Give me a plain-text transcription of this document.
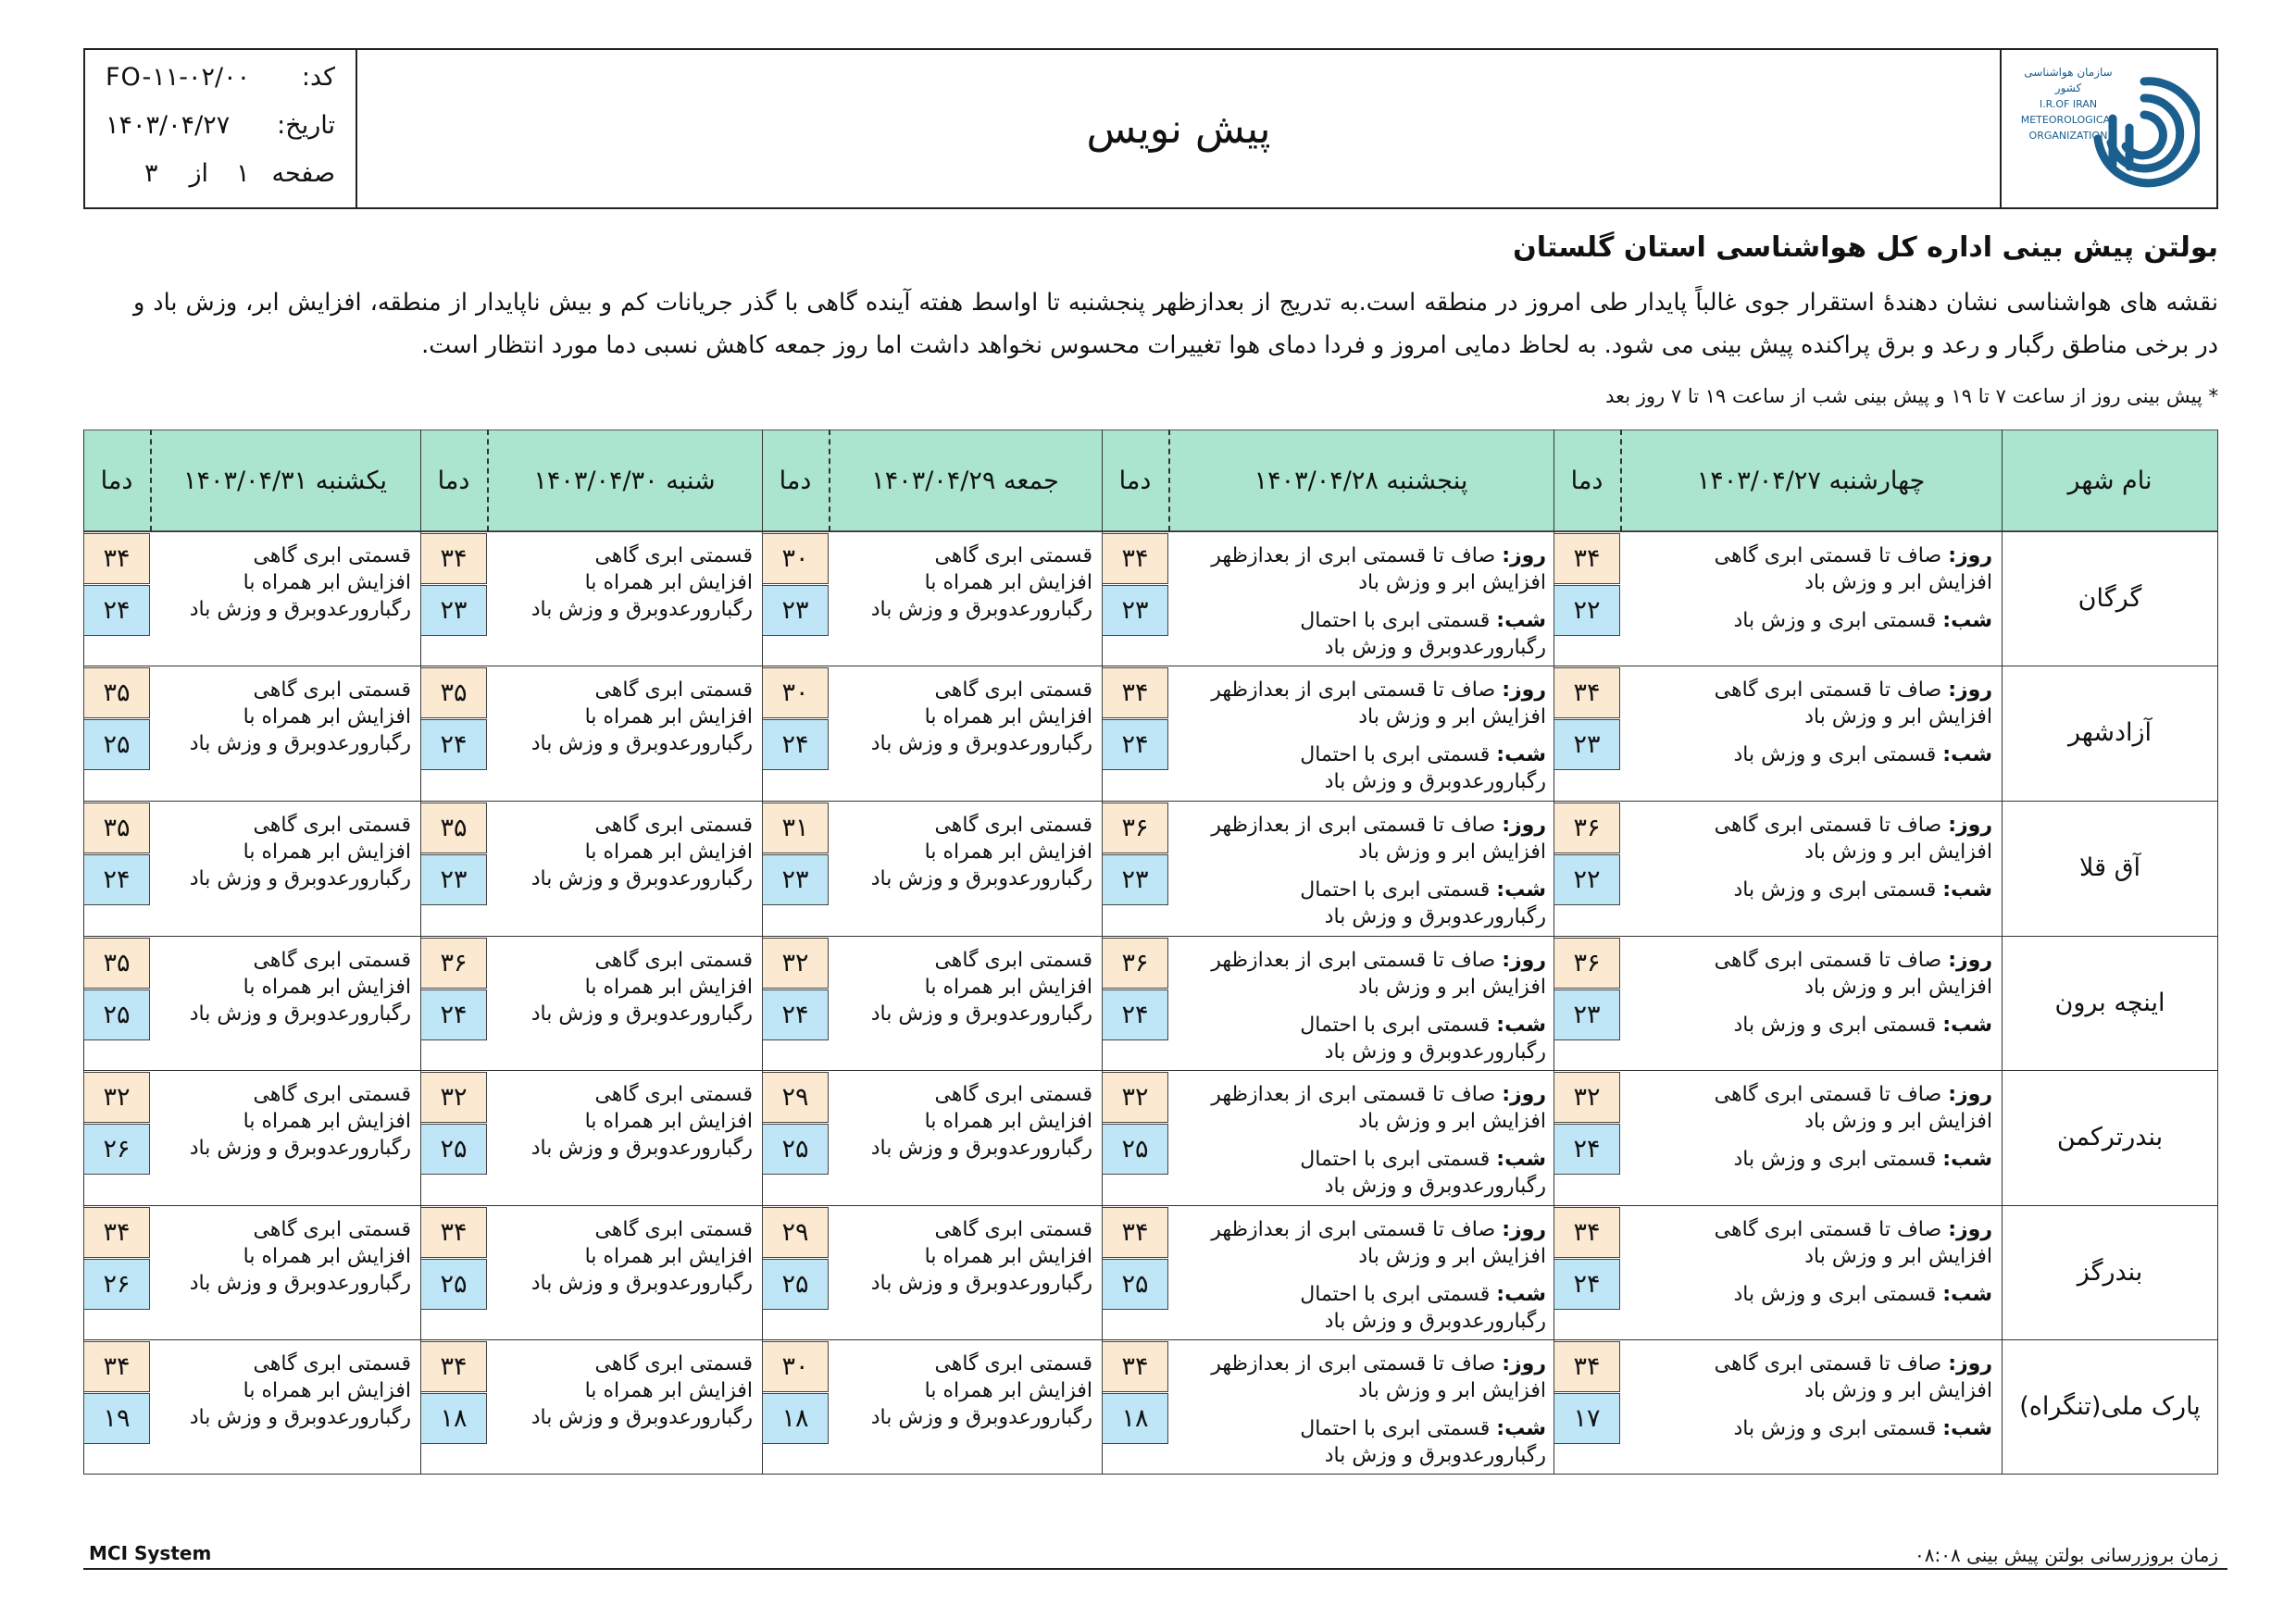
FO-۱۱-۰۲/۰۰ کد:
۱۴۰۳/۰۴/۲۷ تاریخ:
۳ از ۱ صفحه
پیش نویس
سازمان هواشناسی کشور
I.R.OF IRAN
METEOROLOGICAL
ORGANIZATION
بولتن پیش بینی اداره کل هواشناسی استان گلستان
نقشه های هواشناسی نشان دهندۀ استقرار جوی غالباً پایدار طی امروز در منطقه است.به تدریج از بعدازظهر پنجشنبه تا اواسط هفته آینده گاهی با گذر جریانات کم و بیش ناپایدار از منطقه، افزایش ابر، وزش باد و در برخی مناطق رگبار و رعد و برق پراکنده پیش بینی می شود. به لحاظ دمایی امروز و فردا دمای هوا تغییرات محسوس نخواهد داشت اما روز جمعه کاهش نسبی دما مورد انتظار است.
* پیش بینی روز از ساعت ۷ تا ۱۹ و پیش بینی شب از ساعت ۱۹ تا ۷ روز بعد
نام شهر
چهارشنبه ۱۴۰۳/۰۴/۲۷
دما
پنجشنبه ۱۴۰۳/۰۴/۲۸
دما
جمعه ۱۴۰۳/۰۴/۲۹
دما
شنبه ۱۴۰۳/۰۴/۳۰
دما
یکشنبه ۱۴۰۳/۰۴/۳۱
دما
گرگان
روز: صاف تا قسمتی ابری گاهی
افزایش ابر و وزش باد
شب: قسمتی ابری و وزش باد
روز: صاف تا قسمتی ابری از بعدازظهر
افزایش ابر و وزش باد
شب: قسمتی ابری با احتمال
رگبارورعدوبرق و وزش باد
قسمتی ابری گاهی
افزایش ابر همراه با
رگبارورعدوبرق و وزش باد
قسمتی ابری گاهی
افزایش ابر همراه با
رگبارورعدوبرق و وزش باد
قسمتی ابری گاهی
افزایش ابر همراه با
رگبارورعدوبرق و وزش باد
۳۴
۲۲
۳۴
۲۳
۳۰
۲۳
۳۴
۲۳
۳۴
۲۴
آزادشهر
روز: صاف تا قسمتی ابری گاهی
افزایش ابر و وزش باد
شب: قسمتی ابری و وزش باد
روز: صاف تا قسمتی ابری از بعدازظهر
افزایش ابر و وزش باد
شب: قسمتی ابری با احتمال
رگبارورعدوبرق و وزش باد
قسمتی ابری گاهی
افزایش ابر همراه با
رگبارورعدوبرق و وزش باد
قسمتی ابری گاهی
افزایش ابر همراه با
رگبارورعدوبرق و وزش باد
قسمتی ابری گاهی
افزایش ابر همراه با
رگبارورعدوبرق و وزش باد
۳۴
۲۳
۳۴
۲۴
۳۰
۲۴
۳۵
۲۴
۳۵
۲۵
آق قلا
روز: صاف تا قسمتی ابری گاهی
افزایش ابر و وزش باد
شب: قسمتی ابری و وزش باد
روز: صاف تا قسمتی ابری از بعدازظهر
افزایش ابر و وزش باد
شب: قسمتی ابری با احتمال
رگبارورعدوبرق و وزش باد
قسمتی ابری گاهی
افزایش ابر همراه با
رگبارورعدوبرق و وزش باد
قسمتی ابری گاهی
افزایش ابر همراه با
رگبارورعدوبرق و وزش باد
قسمتی ابری گاهی
افزایش ابر همراه با
رگبارورعدوبرق و وزش باد
۳۶
۲۲
۳۶
۲۳
۳۱
۲۳
۳۵
۲۳
۳۵
۲۴
اینچه برون
روز: صاف تا قسمتی ابری گاهی
افزایش ابر و وزش باد
شب: قسمتی ابری و وزش باد
روز: صاف تا قسمتی ابری از بعدازظهر
افزایش ابر و وزش باد
شب: قسمتی ابری با احتمال
رگبارورعدوبرق و وزش باد
قسمتی ابری گاهی
افزایش ابر همراه با
رگبارورعدوبرق و وزش باد
قسمتی ابری گاهی
افزایش ابر همراه با
رگبارورعدوبرق و وزش باد
قسمتی ابری گاهی
افزایش ابر همراه با
رگبارورعدوبرق و وزش باد
۳۶
۲۳
۳۶
۲۴
۳۲
۲۴
۳۶
۲۴
۳۵
۲۵
بندرترکمن
روز: صاف تا قسمتی ابری گاهی
افزایش ابر و وزش باد
شب: قسمتی ابری و وزش باد
روز: صاف تا قسمتی ابری از بعدازظهر
افزایش ابر و وزش باد
شب: قسمتی ابری با احتمال
رگبارورعدوبرق و وزش باد
قسمتی ابری گاهی
افزایش ابر همراه با
رگبارورعدوبرق و وزش باد
قسمتی ابری گاهی
افزایش ابر همراه با
رگبارورعدوبرق و وزش باد
قسمتی ابری گاهی
افزایش ابر همراه با
رگبارورعدوبرق و وزش باد
۳۲
۲۴
۳۲
۲۵
۲۹
۲۵
۳۲
۲۵
۳۲
۲۶
بندرگز
روز: صاف تا قسمتی ابری گاهی
افزایش ابر و وزش باد
شب: قسمتی ابری و وزش باد
روز: صاف تا قسمتی ابری از بعدازظهر
افزایش ابر و وزش باد
شب: قسمتی ابری با احتمال
رگبارورعدوبرق و وزش باد
قسمتی ابری گاهی
افزایش ابر همراه با
رگبارورعدوبرق و وزش باد
قسمتی ابری گاهی
افزایش ابر همراه با
رگبارورعدوبرق و وزش باد
قسمتی ابری گاهی
افزایش ابر همراه با
رگبارورعدوبرق و وزش باد
۳۴
۲۴
۳۴
۲۵
۲۹
۲۵
۳۴
۲۵
۳۴
۲۶
پارک ملی(تنگراه)
روز: صاف تا قسمتی ابری گاهی
افزایش ابر و وزش باد
شب: قسمتی ابری و وزش باد
روز: صاف تا قسمتی ابری از بعدازظهر
افزایش ابر و وزش باد
شب: قسمتی ابری با احتمال
رگبارورعدوبرق و وزش باد
قسمتی ابری گاهی
افزایش ابر همراه با
رگبارورعدوبرق و وزش باد
قسمتی ابری گاهی
افزایش ابر همراه با
رگبارورعدوبرق و وزش باد
قسمتی ابری گاهی
افزایش ابر همراه با
رگبارورعدوبرق و وزش باد
۳۴
۱۷
۳۴
۱۸
۳۰
۱۸
۳۴
۱۸
۳۴
۱۹
MCI System	زمان بروزرسانی بولتن پیش بینی ۰۸:۰۸
